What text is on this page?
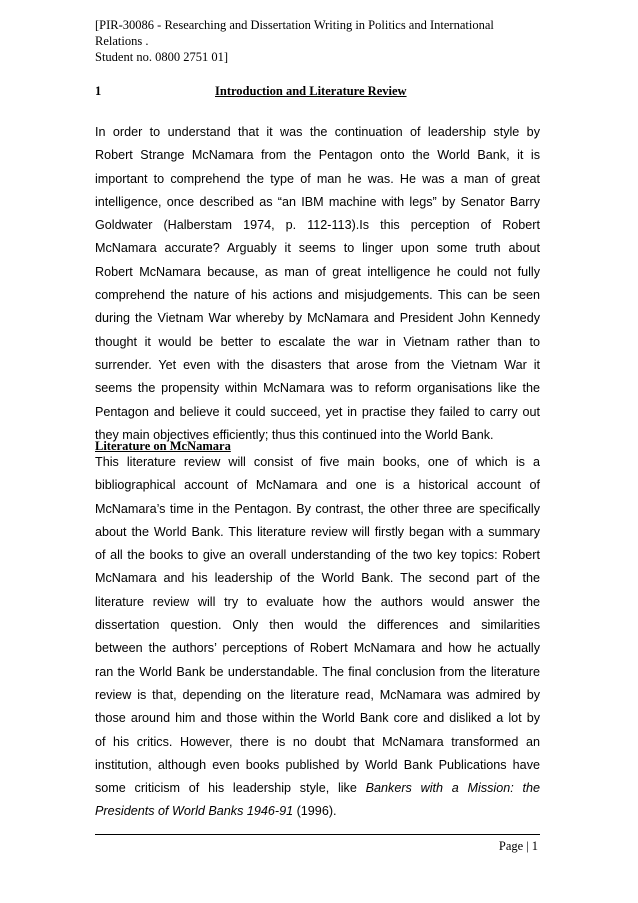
[PIR-30086 - Researching and Dissertation Writing in Politics and International
Relations .
Student no. 0800 2751 01]
1	Introduction and Literature Review
In order to understand that it was the continuation of leadership style by
Robert Strange McNamara from the Pentagon onto the World Bank, it is
important to comprehend the type of man he was. He was a man of great
intelligence, once described as “an IBM machine with legs” by Senator Barry
Goldwater (Halberstam 1974, p. 112-113).Is this perception of Robert
McNamara accurate? Arguably it seems to linger upon some truth about
Robert McNamara because, as man of great intelligence he could not fully
comprehend the nature of his actions and misjudgements. This can be seen
during the Vietnam War whereby by McNamara and President John Kennedy
thought it would be better to escalate the war in Vietnam rather than to
surrender. Yet even with the disasters that arose from the Vietnam War it
seems the propensity within McNamara was to reform organisations like the
Pentagon and believe it could succeed, yet in practise they failed to carry out
they main objectives efficiently; thus this continued into the World Bank.
Literature on McNamara
This literature review will consist of five main books, one of which is a
bibliographical account of McNamara and one is a historical account of
McNamara’s time in the Pentagon. By contrast, the other three are specifically
about the World Bank. This literature review will firstly began with a summary
of all the books to give an overall understanding of the two key topics: Robert
McNamara and his leadership of the World Bank. The second part of the
literature review will try to evaluate how the authors would answer the
dissertation question. Only then would the differences and similarities
between the authors’ perceptions of Robert McNamara and how he actually
ran the World Bank be understandable. The final conclusion from the literature
review is that, depending on the literature read, McNamara was admired by
those around him and those within the World Bank core and disliked a lot by
of his critics. However, there is no doubt that McNamara transformed an
institution, although even books published by World Bank Publications have
some criticism of his leadership style, like Bankers with a Mission: the
Presidents of World Banks 1946-91 (1996).
Page | 1
